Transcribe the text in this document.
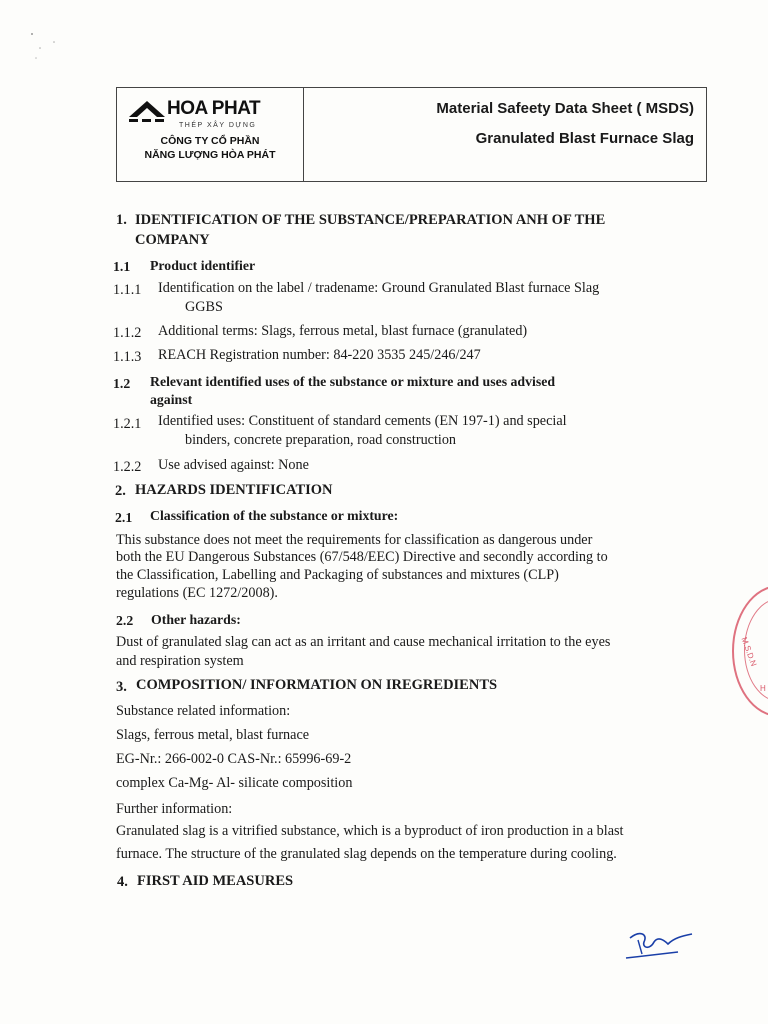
HOA PHAT
THÉP XÂY DỰNG
CÔNG TY CỔ PHẦN
NĂNG LƯỢNG HÒA PHÁT
Material Safeety Data Sheet ( MSDS)
Granulated Blast Furnace Slag
1. IDENTIFICATION OF THE SUBSTANCE/PREPARATION ANH OF THE
COMPANY
1.1 Product identifier
1.1.1 Identification on the label / tradename: Ground Granulated Blast furnace Slag
GGBS
1.1.2 Additional terms: Slags, ferrous metal, blast furnace (granulated)
1.1.3 REACH Registration number: 84-220 3535 245/246/247
1.2 Relevant identified uses of the substance or mixture and uses advised
against
1.2.1 Identified uses: Constituent of standard cements (EN 197-1) and special
binders, concrete preparation, road construction
1.2.2 Use advised against: None
2. HAZARDS IDENTIFICATION
2.1 Classification of the substance or mixture:
This substance does not meet the requirements for classification as dangerous under
both the EU Dangerous Substances (67/548/EEC) Directive and secondly according to
the Classification, Labelling and Packaging of substances and mixtures (CLP)
regulations (EC 1272/2008).
2.2 Other hazards:
Dust of granulated slag can act as an irritant and cause mechanical irritation to the eyes
and respiration system
3. COMPOSITION/ INFORMATION ON IREGREDIENTS
Substance related information:
Slags, ferrous metal, blast furnace
EG-Nr.: 266-002-0 CAS-Nr.: 65996-69-2
complex Ca-Mg- Al- silicate composition
Further information:
Granulated slag is a vitrified substance, which is a byproduct of iron production in a blast
furnace. The structure of the granulated slag depends on the temperature during cooling.
4. FIRST AID MEASURES
M.S.D.N
H
